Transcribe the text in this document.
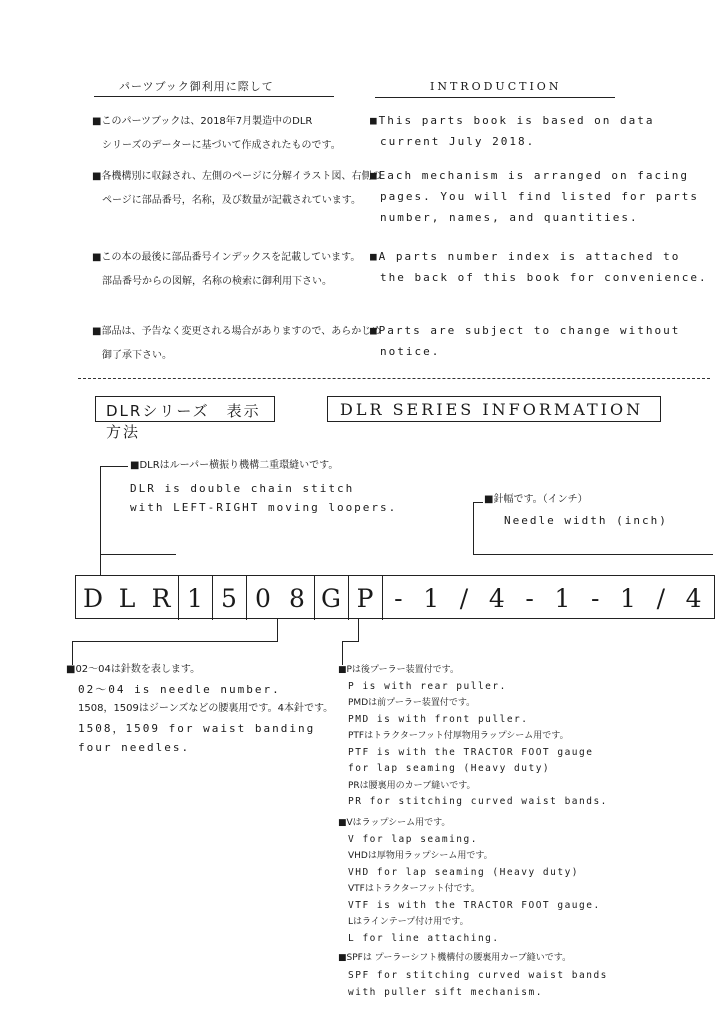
パーツブック御利用に際して	INTRODUCTION
■このパーツブックは、2018年7月製造中のDLR
シリーズのデーターに基づいて作成されたものです。
■This parts book is based on data
current July 2018.
■各機構別に収録され、左側のページに分解イラスト図、右側の
ページに部品番号，名称，及び数量が記載されています。
■Each mechanism is arranged on facing
pages. You will find listed for parts
number, names, and quantities.
■この本の最後に部品番号インデックスを記載しています。
部品番号からの図解，名称の検索に御利用下さい。
■A parts number index is attached to
the back of this book for convenience.
■部品は、予告なく変更される場合がありますので、あらかじめ
御了承下さい。
■Parts are subject to change without
notice.
DLRシリーズ　表示方法
DLR SERIES INFORMATION
■DLRはルーパー横振り機構二重環縫いです。
DLR is double chain stitch
with LEFT-RIGHT moving loopers.
■針幅です。（インチ）
Needle width (inch)
D L R 1 5 0 8 G P - 1 / 4 - 1 - 1 / 4
■02～04は針数を表します。
02～04 is needle number.
1508，1509はジーンズなどの腰裏用です。4本針です。
1508，1509 for waist banding
four needles.
■Pは後プーラー装置付です。
P is with rear puller.
PMDは前プーラー装置付です。
PMD is with front puller.
PTFはトラクターフット付厚物用ラップシーム用です。
PTF is with the TRACTOR FOOT gauge
for lap seaming (Heavy duty)
PRは腰裏用のカーブ縫いです。
PR for stitching curved waist bands.
■Vはラップシーム用です。
V for lap seaming.
VHDは厚物用ラップシーム用です。
VHD for lap seaming (Heavy duty)
VTFはトラクターフット付です。
VTF is with the TRACTOR FOOT gauge.
Lはラインテープ付け用です。
L for line attaching.
■SPFは プーラーシフト機構付の腰裏用カーブ縫いです。
SPF for stitching curved waist bands
with puller sift mechanism.
